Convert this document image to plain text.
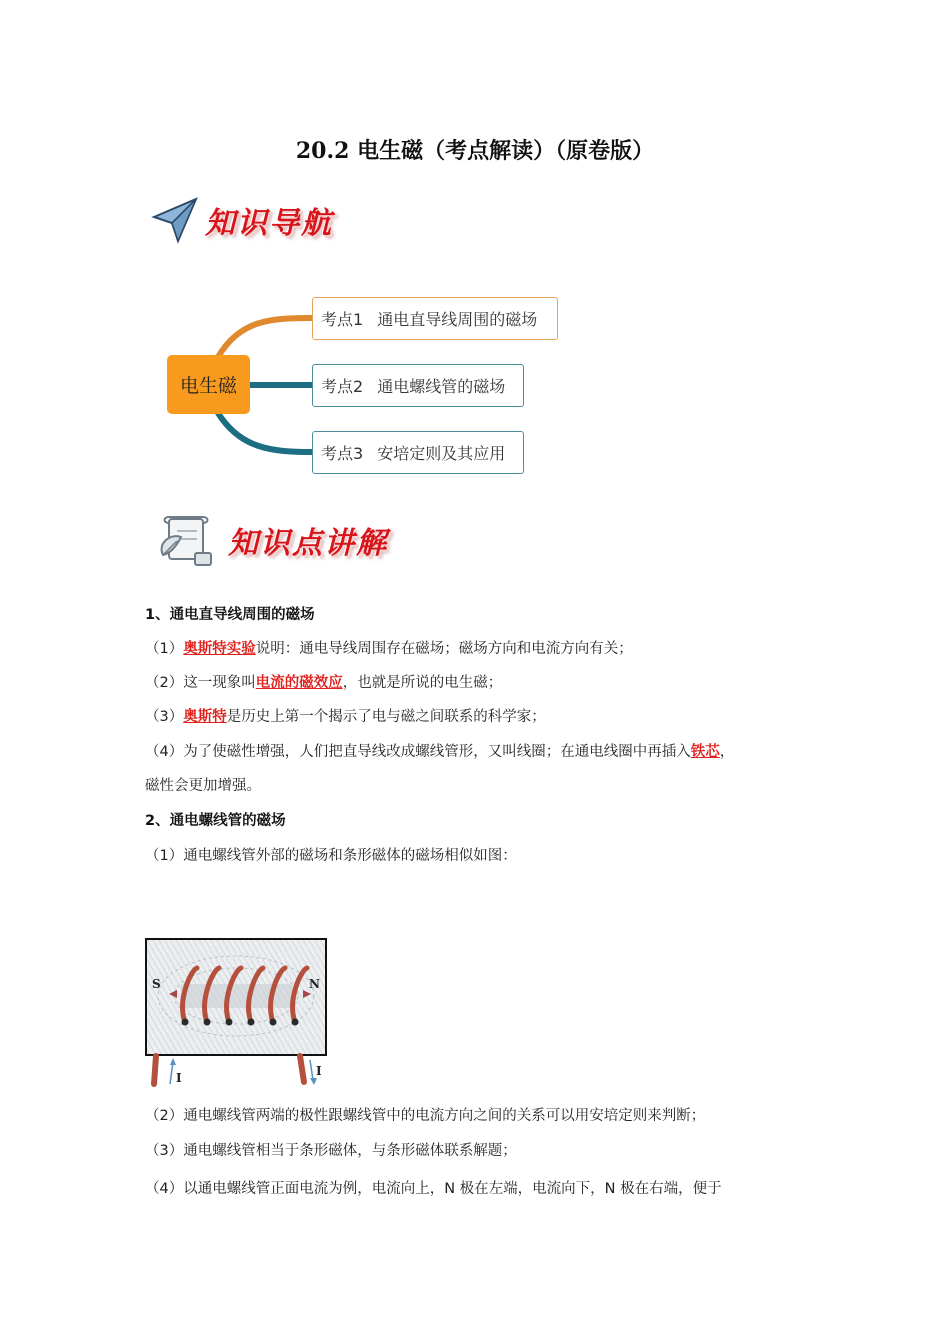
20.2 电生磁（考点解读）（原卷版）
知识导航
电生磁
考点1 通电直导线周围的磁场
考点2 通电螺线管的磁场
考点3 安培定则及其应用
知识点讲解
1、通电直导线周围的磁场
（1）奥斯特实验说明：通电导线周围存在磁场；磁场方向和电流方向有关；
（2）这一现象叫电流的磁效应，也就是所说的电生磁；
（3）奥斯特是历史上第一个揭示了电与磁之间联系的科学家；
（4）为了使磁性增强，人们把直导线改成螺线管形，又叫线圈；在通电线圈中再插入铁芯，
磁性会更加增强。
2、通电螺线管的磁场
（1）通电螺线管外部的磁场和条形磁体的磁场相似如图：
S	N
I	I
（2）通电螺线管两端的极性跟螺线管中的电流方向之间的关系可以用安培定则来判断；
（3）通电螺线管相当于条形磁体，与条形磁体联系解题；
（4）以通电螺线管正面电流为例，电流向上，N 极在左端，电流向下，N 极在右端，便于
